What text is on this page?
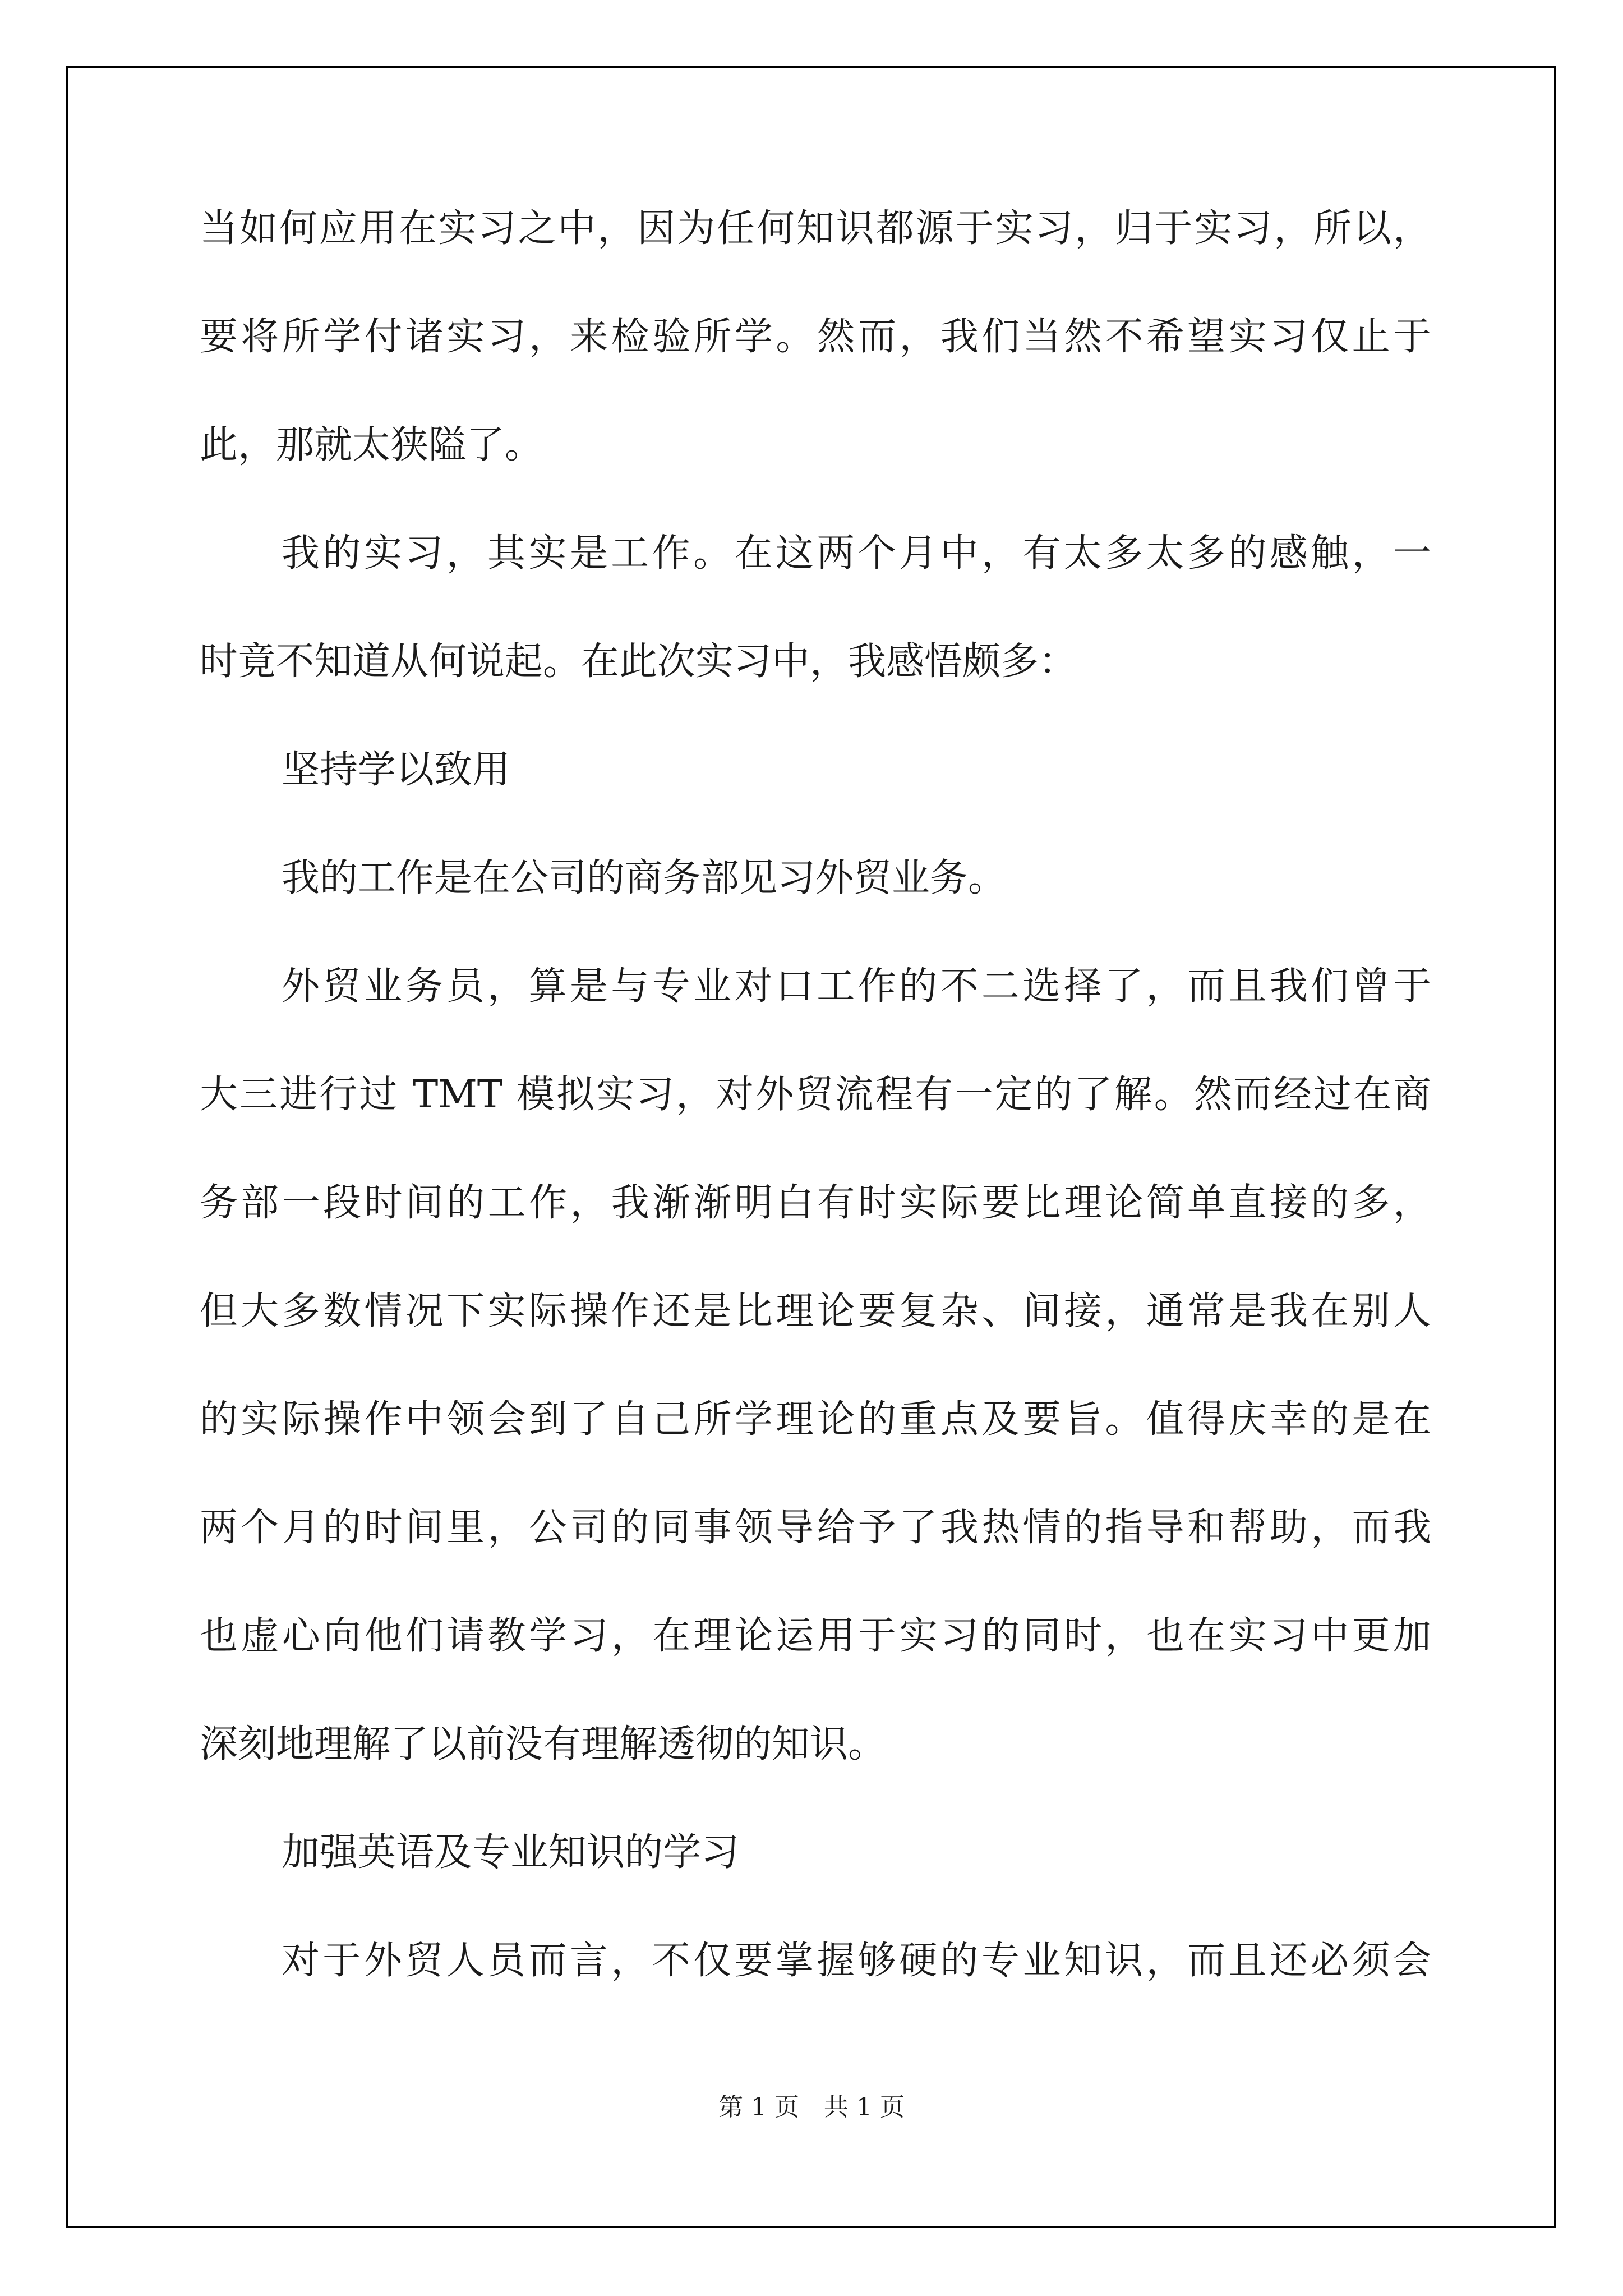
当如何应用在实习之中，因为任何知识都源于实习，归于实习，所以，

要将所学付诸实习，来检验所学。然而，我们当然不希望实习仅止于

此，那就太狭隘了。

我的实习，其实是工作。在这两个月中，有太多太多的感触，一

时竟不知道从何说起。在此次实习中，我感悟颇多：

坚持学以致用

我的工作是在公司的商务部见习外贸业务。

外贸业务员，算是与专业对口工作的不二选择了，而且我们曾于

大三进行过 TMT 模拟实习，对外贸流程有一定的了解。然而经过在商

务部一段时间的工作，我渐渐明白有时实际要比理论简单直接的多，

但大多数情况下实际操作还是比理论要复杂、间接，通常是我在别人

的实际操作中领会到了自己所学理论的重点及要旨。值得庆幸的是在

两个月的时间里，公司的同事领导给予了我热情的指导和帮助，而我

也虚心向他们请教学习，在理论运用于实习的同时，也在实习中更加

深刻地理解了以前没有理解透彻的知识。

加强英语及专业知识的学习

对于外贸人员而言，不仅要掌握够硬的专业知识，而且还必须会

第 1 页　共 1 页
